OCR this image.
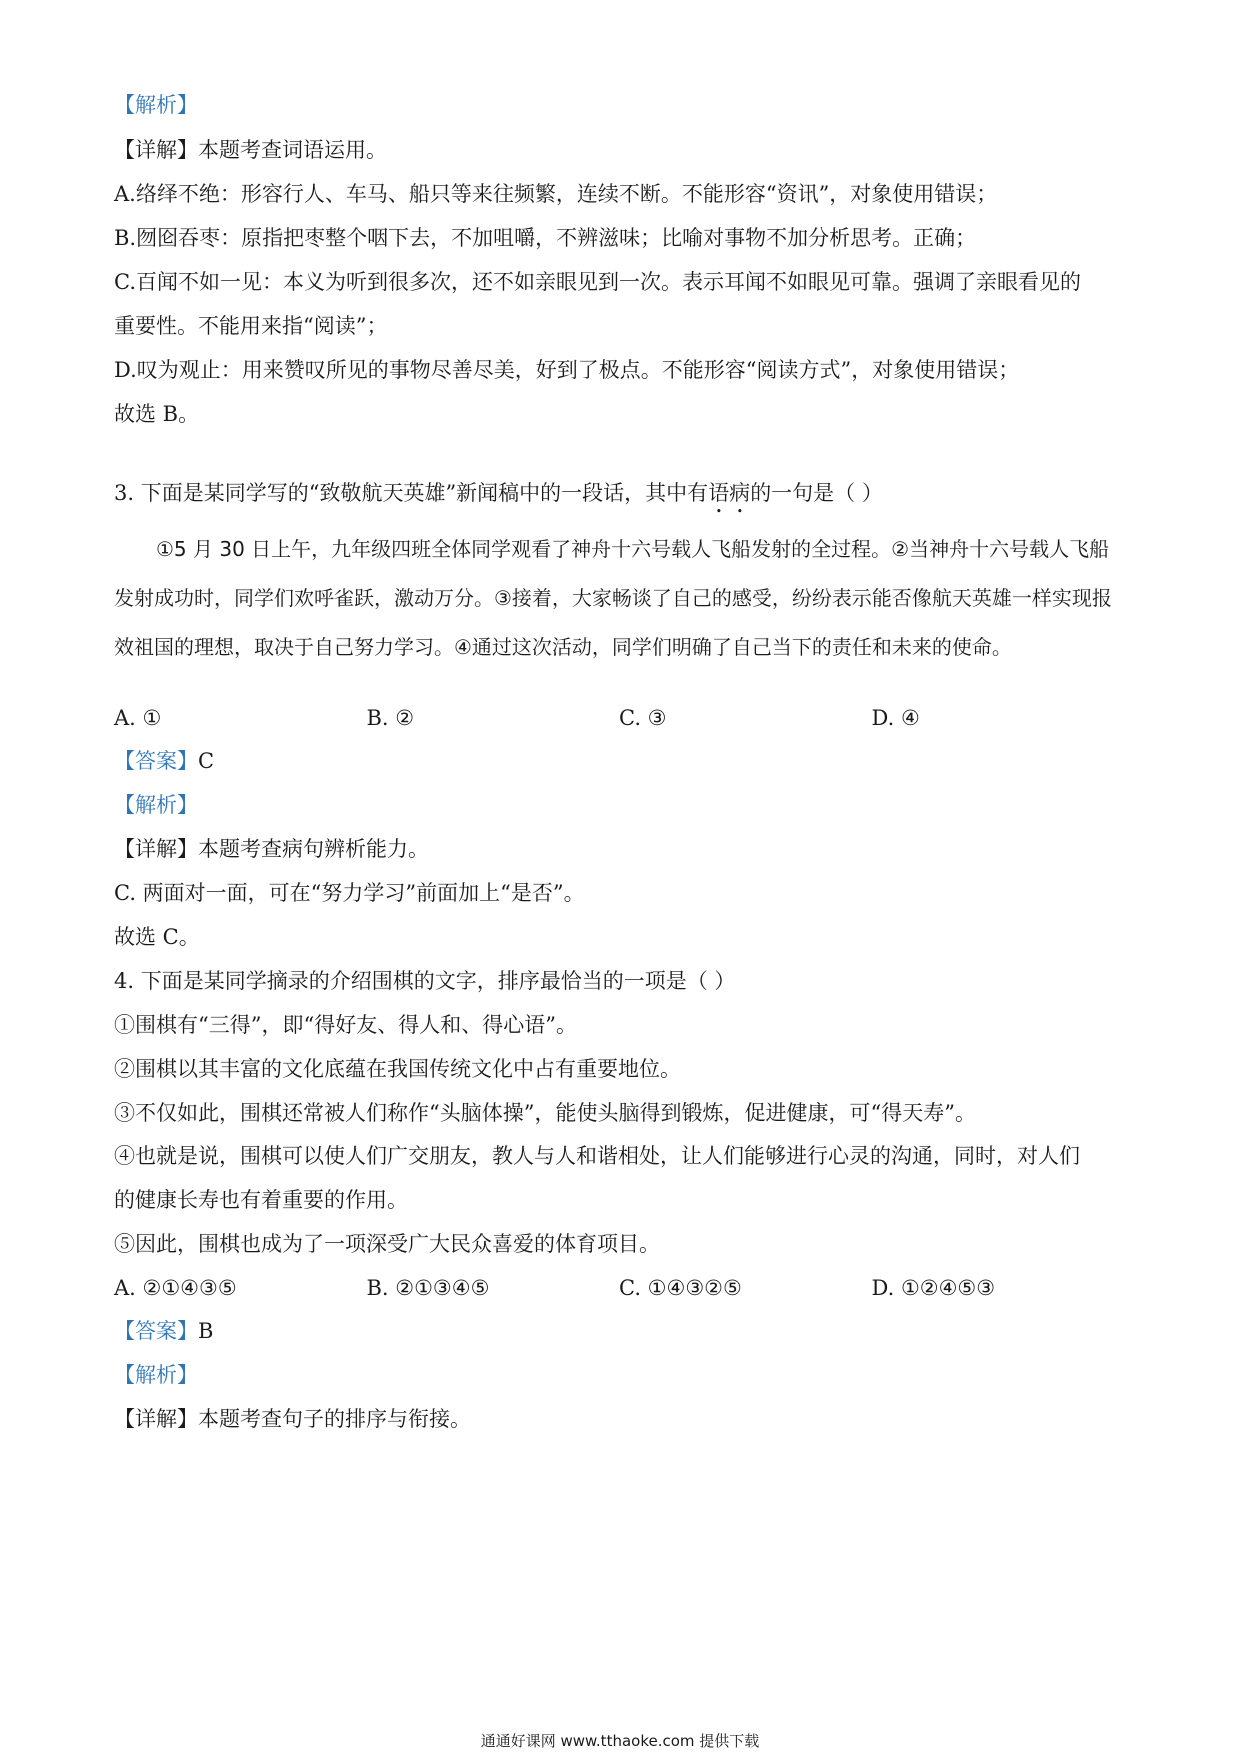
【解析】
【详解】本题考查词语运用。
A.络绎不绝：形容行人、车马、船只等来往频繁，连续不断。不能形容“资讯”，对象使用错误；
B.囫囵吞枣：原指把枣整个咽下去，不加咀嚼，不辨滋味；比喻对事物不加分析思考。正确；
C.百闻不如一见：本义为听到很多次，还不如亲眼见到一次。表示耳闻不如眼见可靠。强调了亲眼看见的
重要性。不能用来指“阅读”；
D.叹为观止：用来赞叹所见的事物尽善尽美，好到了极点。不能形容“阅读方式”，对象使用错误；
故选 B。
3. 下面是某同学写的“致敬航天英雄”新闻稿中的一段话，其中有语病的一句是（ ）

①5 月 30 日上午，九年级四班全体同学观看了神舟十六号载人飞船发射的全过程。②当神舟十六号载人飞船发射成功时，同学们欢呼雀跃，激动万分。③接着，大家畅谈了自己的感受，纷纷表示能否像航天英雄一样实现报效祖国的理想，取决于自己努力学习。④通过这次活动，同学们明确了自己当下的责任和未来的使命。

A. ①	B. ②	C. ③	D. ④
【答案】C
【解析】
【详解】本题考查病句辨析能力。
C. 两面对一面，可在“努力学习”前面加上“是否”。
故选 C。
4. 下面是某同学摘录的介绍围棋的文字，排序最恰当的一项是（ ）
①围棋有“三得”，即“得好友、得人和、得心语”。
②围棋以其丰富的文化底蕴在我国传统文化中占有重要地位。
③不仅如此，围棋还常被人们称作“头脑体操”，能使头脑得到锻炼，促进健康，可“得天寿”。
④也就是说，围棋可以使人们广交朋友，教人与人和谐相处，让人们能够进行心灵的沟通，同时，对人们
的健康长寿也有着重要的作用。
⑤因此，围棋也成为了一项深受广大民众喜爱的体育项目。
A. ②①④③⑤	B. ②①③④⑤	C. ①④③②⑤	D. ①②④⑤③
【答案】B
【解析】
【详解】本题考查句子的排序与衔接。
通通好课网 www.tthaoke.com 提供下载
